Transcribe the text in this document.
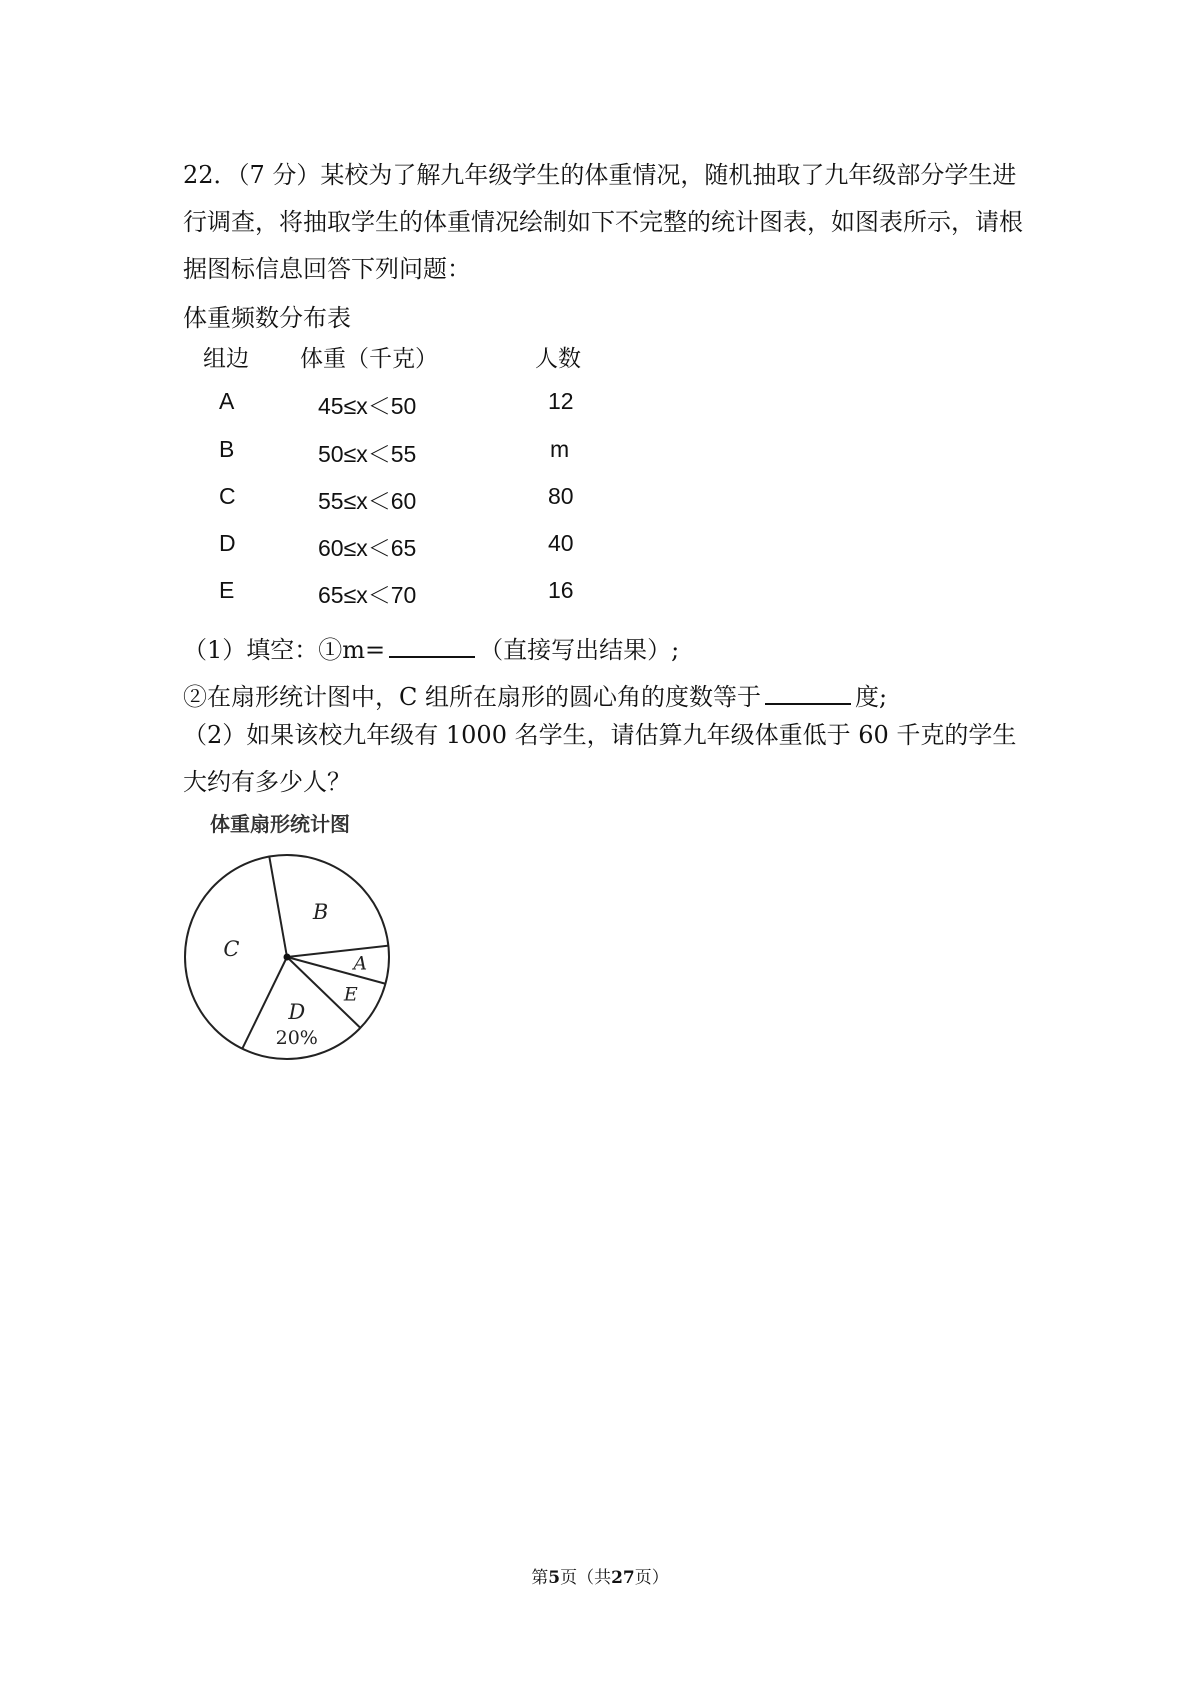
22．（7 分）某校为了解九年级学生的体重情况，随机抽取了九年级部分学生进行调查，将抽取学生的体重情况绘制如下不完整的统计图表，如图表所示，请根据图标信息回答下列问题：

体重频数分布表
组边 体重（千克）	人数
A	45≤x＜50	12
B	50≤x＜55	m
C	55≤x＜60	80
D	60≤x＜65	40
E	65≤x＜70	16
（1）填空：①m=	（直接写出结果）;
②在扇形统计图中，C 组所在扇形的圆心角的度数等于	度;

（2）如果该校九年级有 1000 名学生，请估算九年级体重低于 60 千克的学生大约有多少人？

体重扇形统计图
B
A
E
D
C
20%
第5页（共27页）
